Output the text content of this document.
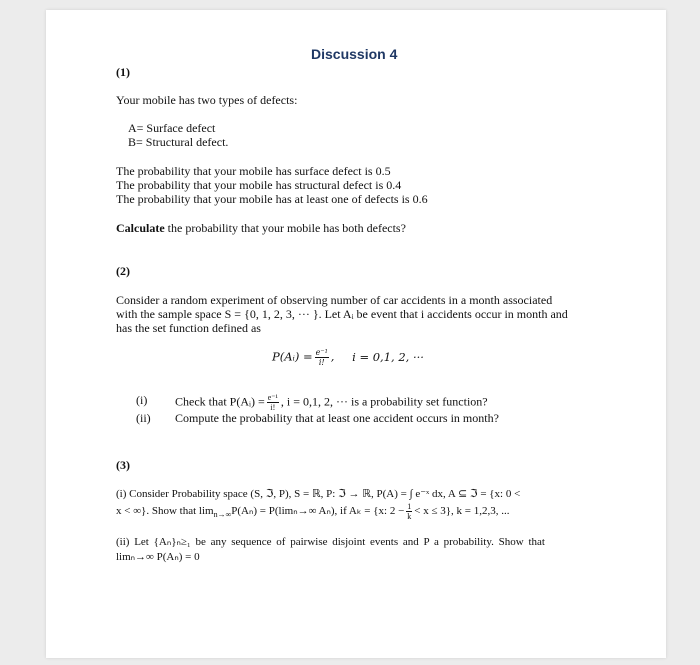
Discussion 4
(1)
Your mobile has two types of defects:
A= Surface defect
B= Structural defect.
The probability that your mobile has surface defect is 0.5
The probability that your mobile has structural defect is 0.4
The probability that your mobile has at least one of defects is 0.6
Calculate the probability that your mobile has both defects?
(2)
Consider a random experiment of observing number of car accidents in a month associated
with the sample space S = {0, 1, 2, 3, ··· }. Let Aᵢ be event that i accidents occur in month and
has the set function defined as
P(Aᵢ) = $\frac{\text{e⁻¹}}{i!}$ , i = 0,1, 2, ···
(i) Check that P(Aᵢ) = $\frac{\text{e⁻¹}}{i!}$ , i = 0,1, 2, ··· is a probability set function?
(ii) Compute the probability that at least one accident occurs in month?
(3)
(i) Consider Probability space (S, ℑ, P), S = ℝ, P: ℑ → ℝ, P(A) = ∫ e⁻ˣ dx, A ⊆ ℑ = {x: 0 <
x < ∞}. Show that $\lim_{n\to\infty}P(A_n) = P(\lim_n\to\infty$ Aₙ), if Aₖ = {x: $2 - \frac{1}{k} < x \le 3$}, k = 1,2,3, ...
(ii) Let {Aₙ}ₙ≥₁ be any sequence of pairwise disjoint events and P a probability. Show that
limₙ→∞ P(Aₙ) = 0
